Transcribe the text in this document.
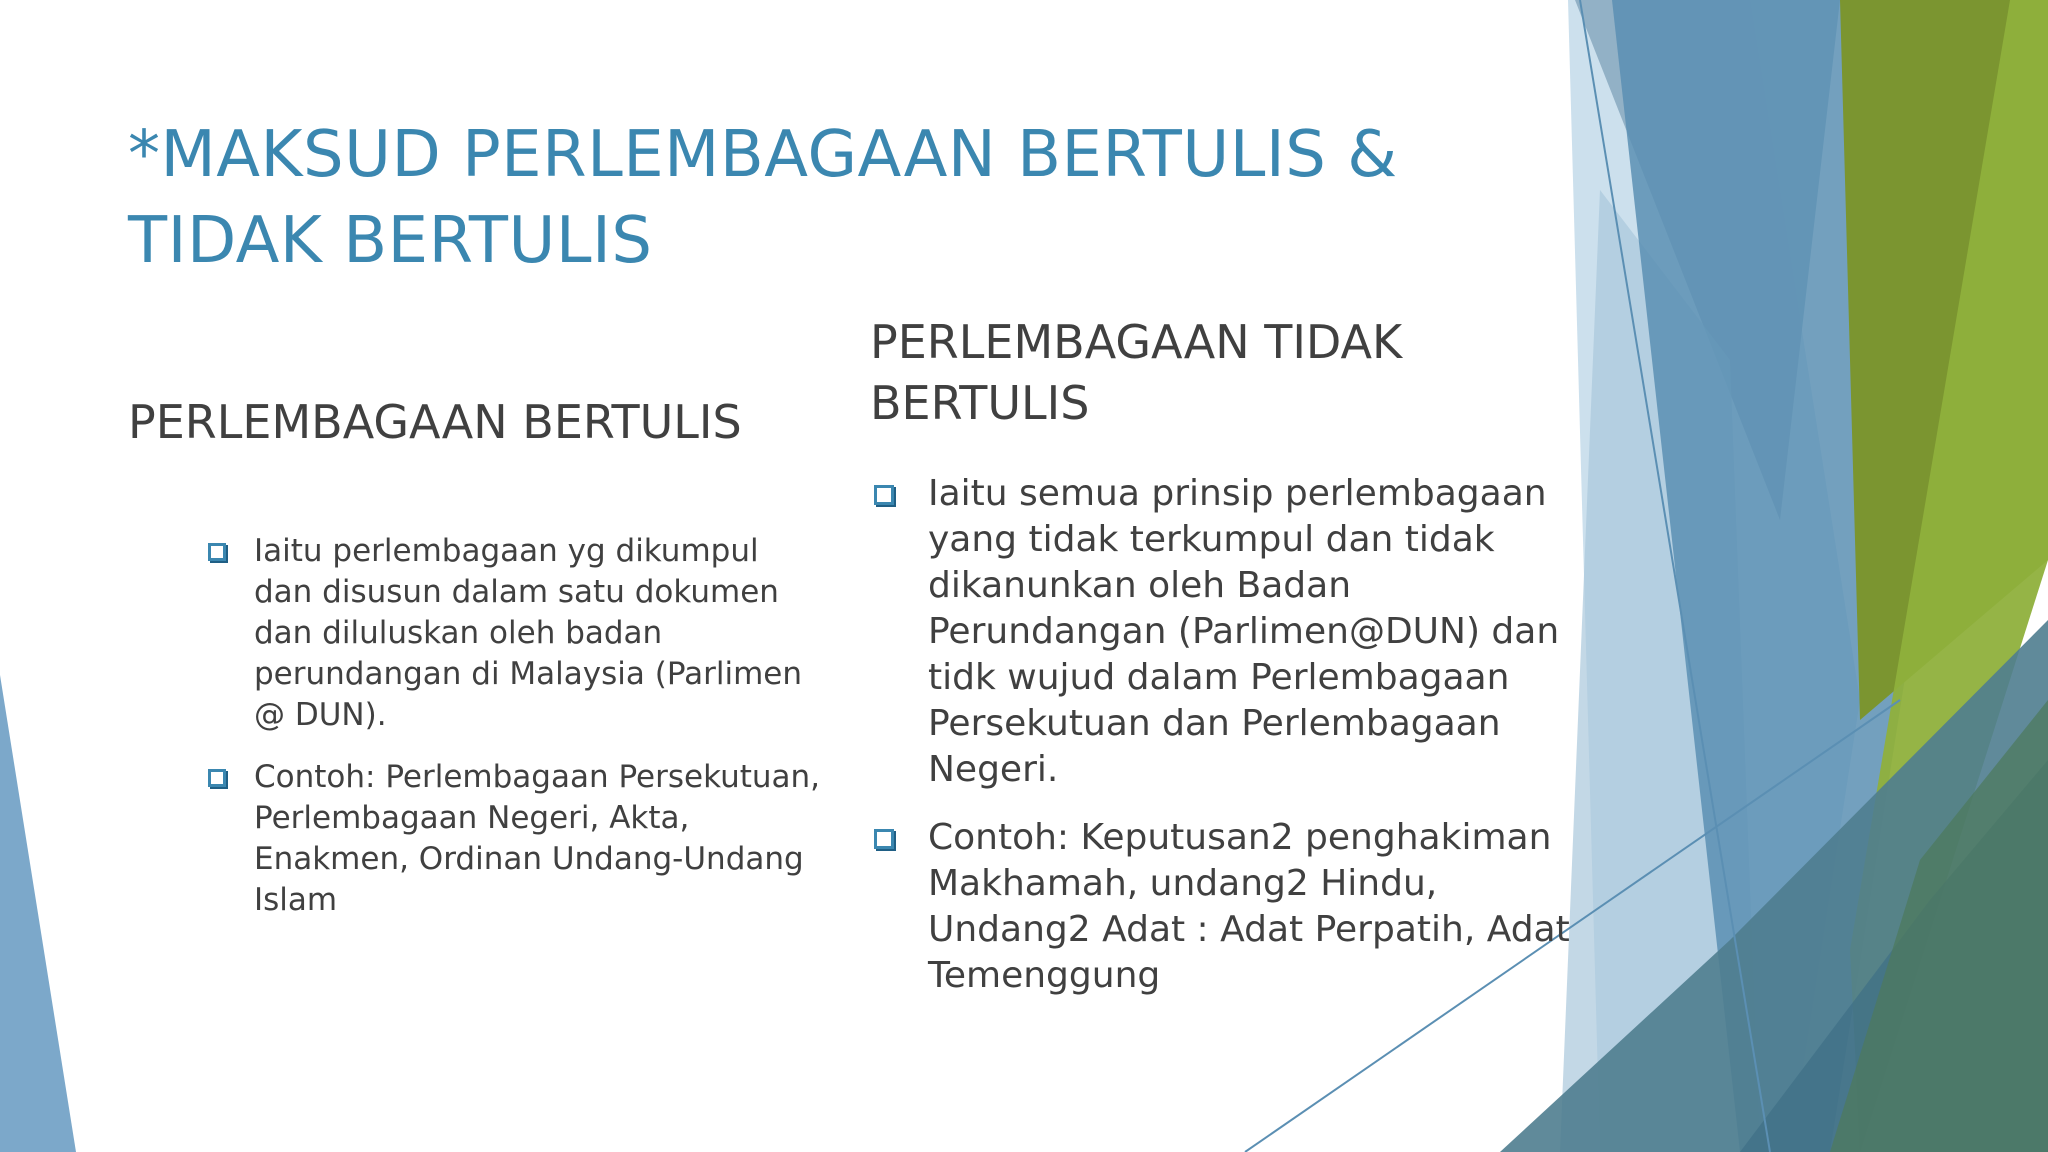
*MAKSUD PERLEMBAGAAN BERTULIS & TIDAK BERTULIS
PERLEMBAGAAN BERTULIS
Iaitu perlembagaan yg dikumpul dan disusun dalam satu dokumen dan diluluskan oleh badan perundangan di Malaysia (Parlimen @ DUN).
Contoh: Perlembagaan Persekutuan, Perlembagaan Negeri, Akta, Enakmen, Ordinan Undang-Undang Islam
PERLEMBAGAAN TIDAK BERTULIS
Iaitu semua prinsip perlembagaan yang tidak terkumpul dan tidak dikanunkan oleh Badan Perundangan (Parlimen@DUN) dan tidk wujud dalam Perlembagaan Persekutuan dan Perlembagaan Negeri.
Contoh: Keputusan2 penghakiman Makhamah, undang2 Hindu, Undang2 Adat : Adat Perpatih, Adat Temenggung
